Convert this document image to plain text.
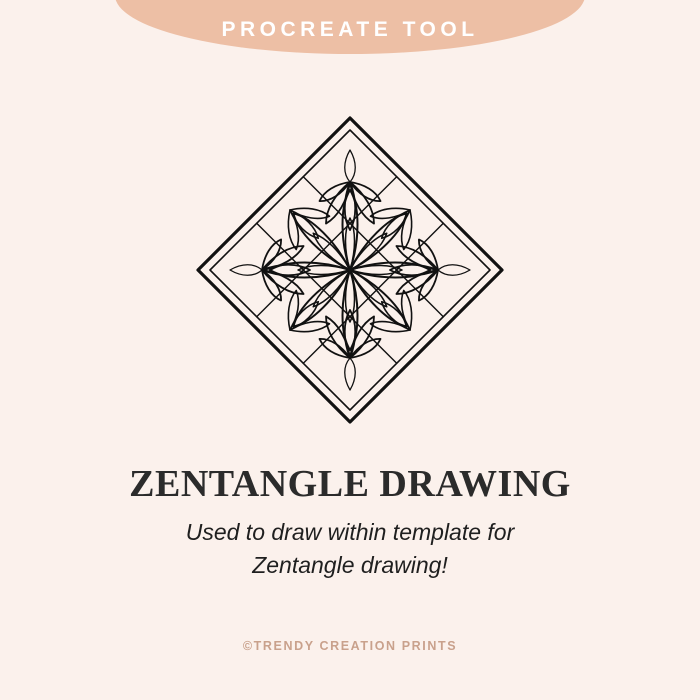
PROCREATE TOOL
ZENTANGLE DRAWING
Used to draw within template for
Zentangle drawing!
©TRENDY CREATION PRINTS
